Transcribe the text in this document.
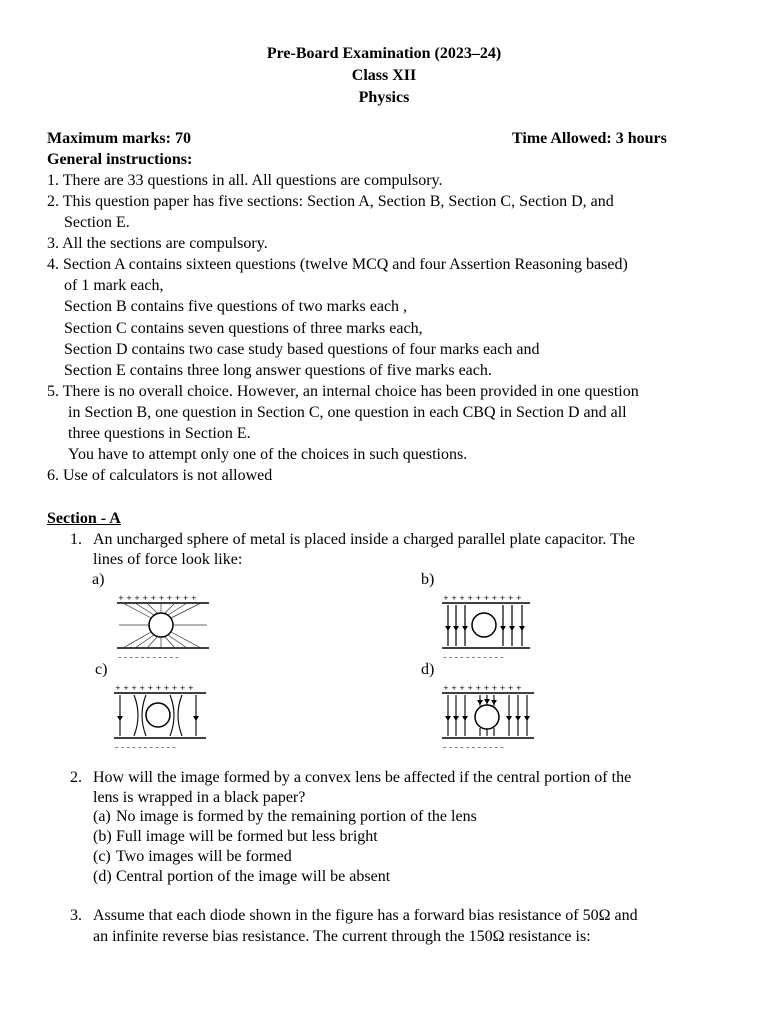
Pre-Board Examination (2023–24)
Class XII
Physics
Maximum marks: 70	Time Allowed: 3 hours
General instructions:
1. There are 33 questions in all. All questions are compulsory.
2. This question paper has five sections: Section A, Section B, Section C, Section D, and
Section E.
3. All the sections are compulsory.
4. Section A contains sixteen questions (twelve MCQ and four Assertion Reasoning based)
of 1 mark each,
Section B contains five questions of two marks each ,
Section C contains seven questions of three marks each,
Section D contains two case study based questions of four marks each and
Section E contains three long answer questions of five marks each.
5. There is no overall choice. However, an internal choice has been provided in one question
in Section B, one question in Section C, one question in each CBQ in Section D and all
three questions in Section E.
You have to attempt only one of the choices in such questions.
6. Use of calculators is not allowed
Section - A
1. An uncharged sphere of metal is placed inside a charged parallel plate capacitor. The
lines of force look like:
a)	b)
c)	d)
+ + + + + + + + + +
– – – – – – – – – – –
+ + + + + + + + + +
– – – – – – – – – – –
+ + + + + + + + + +
– – – – – – – – – – –
+ + + + + + + + + +
– – – – – – – – – – –
2. How will the image formed by a convex lens be affected if the central portion of the
lens is wrapped in a black paper?
(a) No image is formed by the remaining portion of the lens
(b) Full image will be formed but less bright
(c) Two images will be formed
(d) Central portion of the image will be absent
3. Assume that each diode shown in the figure has a forward bias resistance of 50Ω and
an infinite reverse bias resistance. The current through the 150Ω resistance is:
